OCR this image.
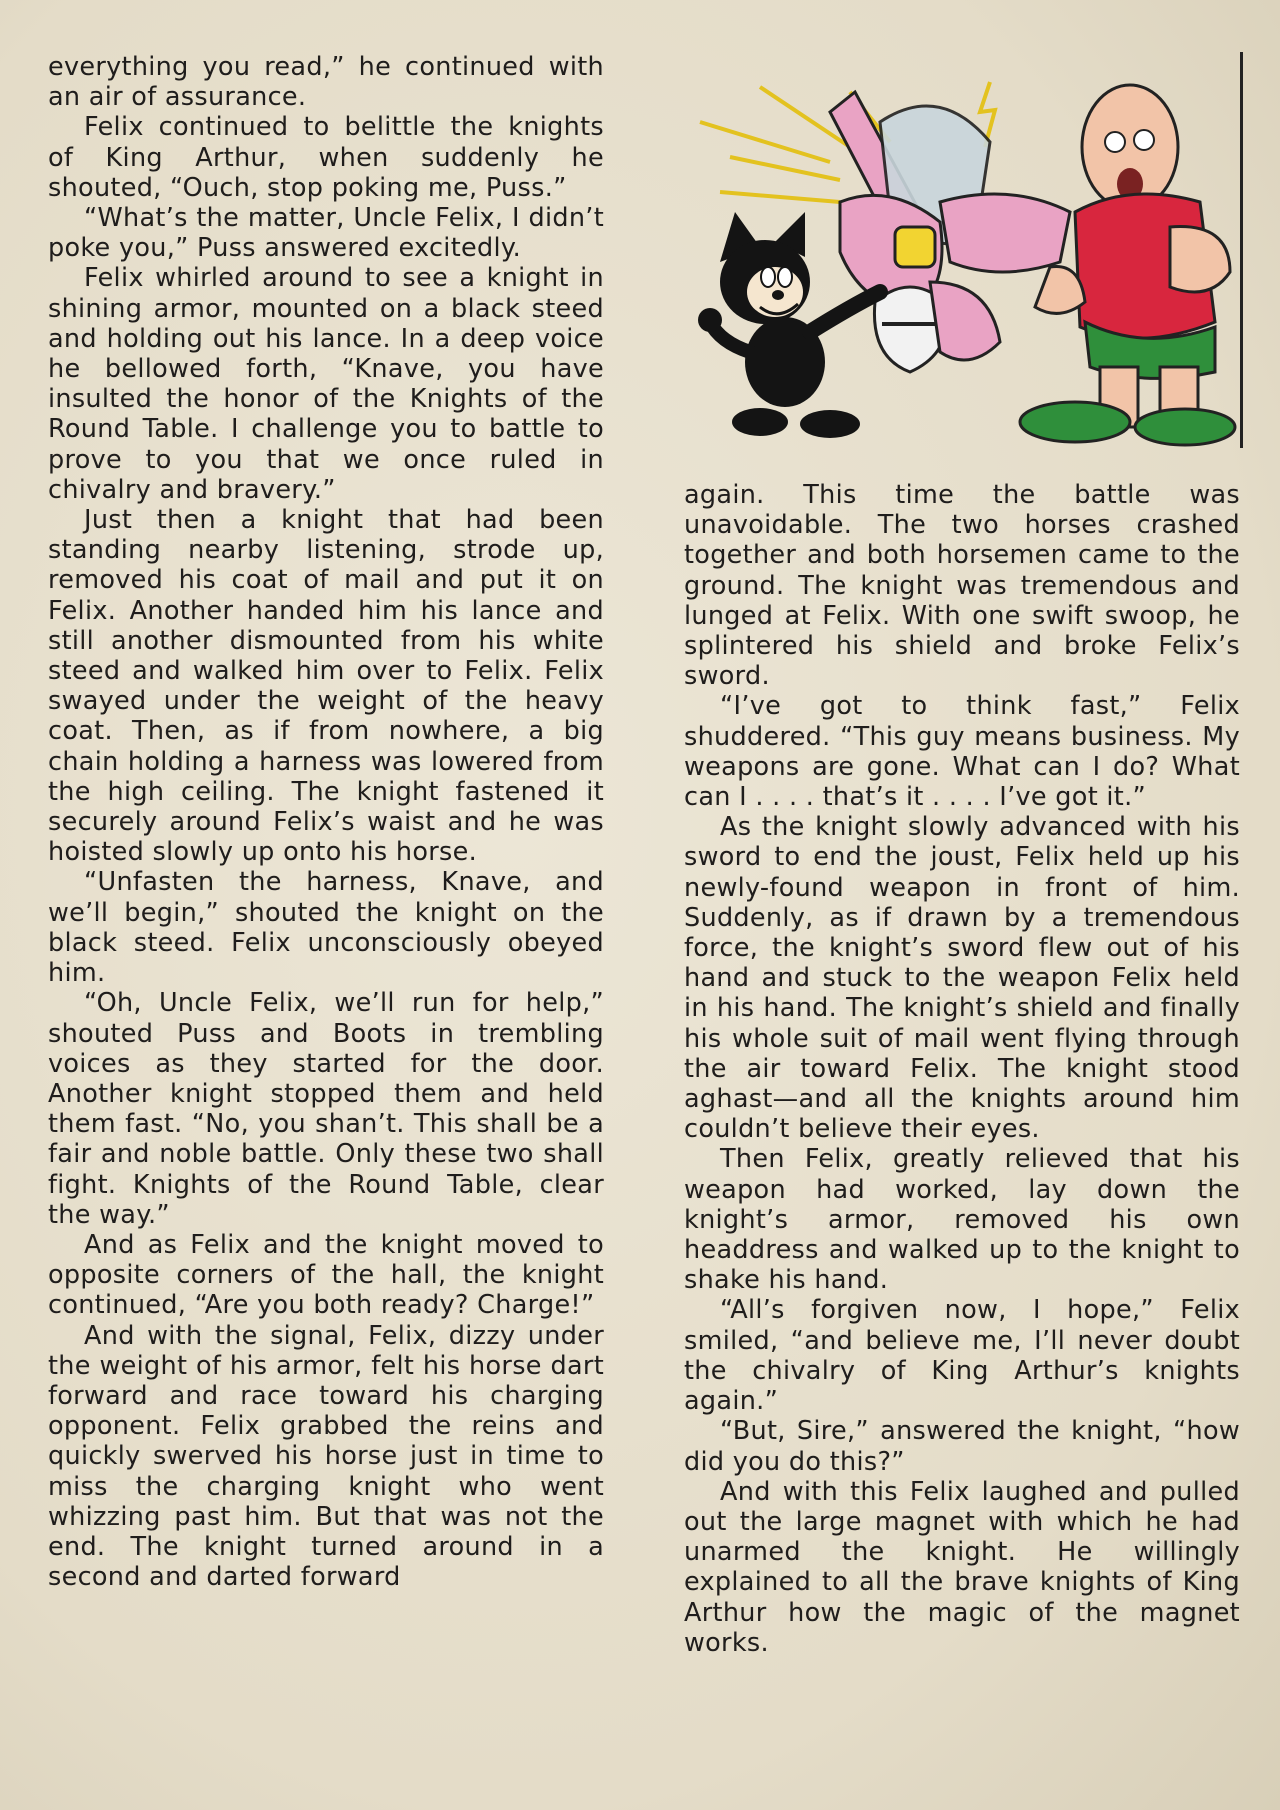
everything you read,” he continued with an air of assurance.

Felix continued to belittle the knights of King Arthur, when suddenly he shouted, “Ouch, stop poking me, Puss.”

“What’s the matter, Uncle Felix, I didn’t poke you,” Puss answered excitedly.

Felix whirled around to see a knight in shining armor, mounted on a black steed and holding out his lance. In a deep voice he bellowed forth, “Knave, you have insulted the honor of the Knights of the Round Table. I challenge you to battle to prove to you that we once ruled in chivalry and bravery.”

Just then a knight that had been standing nearby listening, strode up, removed his coat of mail and put it on Felix. Another handed him his lance and still another dismounted from his white steed and walked him over to Felix. Felix swayed under the weight of the heavy coat. Then, as if from nowhere, a big chain holding a harness was lowered from the high ceiling. The knight fastened it securely around Felix’s waist and he was hoisted slowly up onto his horse.

“Unfasten the harness, Knave, and we’ll begin,” shouted the knight on the black steed. Felix unconsciously obeyed him.

“Oh, Uncle Felix, we’ll run for help,” shouted Puss and Boots in trembling voices as they started for the door. Another knight stopped them and held them fast. “No, you shan’t. This shall be a fair and noble battle. Only these two shall fight. Knights of the Round Table, clear the way.”

And as Felix and the knight moved to opposite corners of the hall, the knight continued, “Are you both ready? Charge!”

And with the signal, Felix, dizzy under the weight of his armor, felt his horse dart forward and race toward his charging opponent. Felix grabbed the reins and quickly swerved his horse just in time to miss the charging knight who went whizzing past him. But that was not the end. The knight turned around in a second and darted forward

again. This time the battle was unavoidable. The two horses crashed together and both horsemen came to the ground. The knight was tremendous and lunged at Felix. With one swift swoop, he splintered his shield and broke Felix’s sword.

“I’ve got to think fast,” Felix shuddered. “This guy means business. My weapons are gone. What can I do? What can I . . . . that’s it . . . . I’ve got it.”

As the knight slowly advanced with his sword to end the joust, Felix held up his newly-found weapon in front of him. Suddenly, as if drawn by a tremendous force, the knight’s sword flew out of his hand and stuck to the weapon Felix held in his hand. The knight’s shield and finally his whole suit of mail went flying through the air toward Felix. The knight stood aghast—and all the knights around him couldn’t believe their eyes.

Then Felix, greatly relieved that his weapon had worked, lay down the knight’s armor, removed his own headdress and walked up to the knight to shake his hand.

“All’s forgiven now, I hope,” Felix smiled, “and believe me, I’ll never doubt the chivalry of King Arthur’s knights again.”

“But, Sire,” answered the knight, “how did you do this?”

And with this Felix laughed and pulled out the large magnet with which he had unarmed the knight. He willingly explained to all the brave knights of King Arthur how the magic of the magnet works.
